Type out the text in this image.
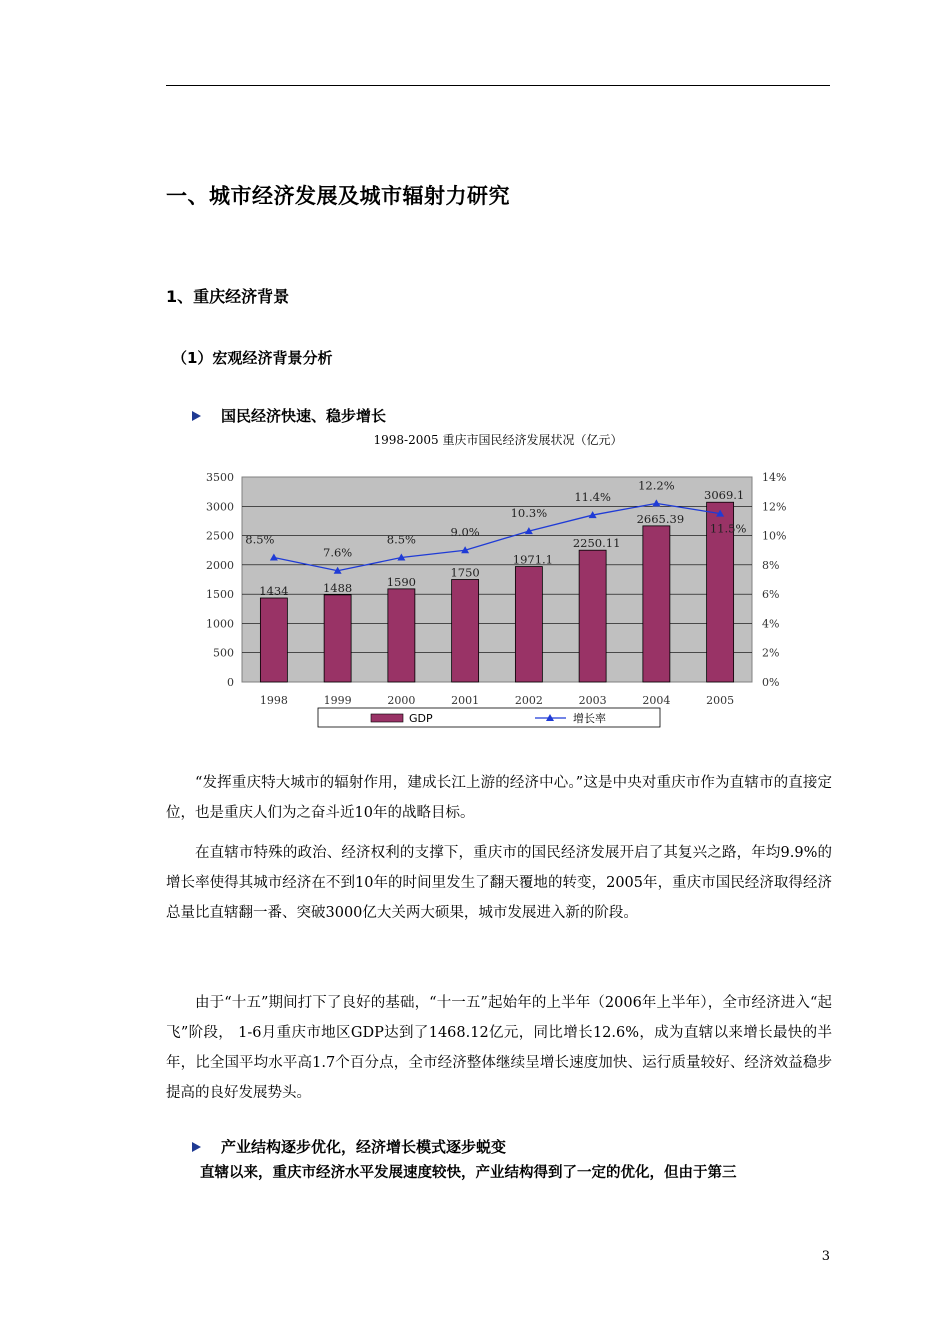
一、城市经济发展及城市辐射力研究
1、重庆经济背景
（1）宏观经济背景分析
国民经济快速、稳步增长
1998-2005 重庆市国民经济发展状况（亿元）
0
500
1000
1500
2000
2500
3000
3500
0%
2%
4%
6%
8%
10%
12%
14%
1998	1999	2000	2001	2002	2003	2004	2005
1434	1488	1590
1750
1971.1
2250.11
2665.39
3069.1
8.5%
7.6%
8.5%
9.0%
10.3%
11.4%
12.2%
11.5%
GDP	增长率
“发挥重庆特大城市的辐射作用，建成长江上游的经济中心。”这是中央对重庆市作为直辖市的直接定位，也是重庆人们为之奋斗近10年的战略目标。
在直辖市特殊的政治、经济权利的支撑下，重庆市的国民经济发展开启了其复兴之路，年均9.9%的增长率使得其城市经济在不到10年的时间里发生了翻天覆地的转变，2005年，重庆市国民经济取得经济总量比直辖翻一番、突破3000亿大关两大硕果，城市发展进入新的阶段。
由于“十五”期间打下了良好的基础，“十一五”起始年的上半年（2006年上半年），全市经济进入“起飞”阶段， 1-6月重庆市地区GDP达到了1468.12亿元，同比增长12.6%，成为直辖以来增长最快的半年，比全国平均水平高1.7个百分点，全市经济整体继续呈增长速度加快、运行质量较好、经济效益稳步提高的良好发展势头。
产业结构逐步优化，经济增长模式逐步蜕变
直辖以来，重庆市经济水平发展速度较快，产业结构得到了一定的优化，但由于第三
3
